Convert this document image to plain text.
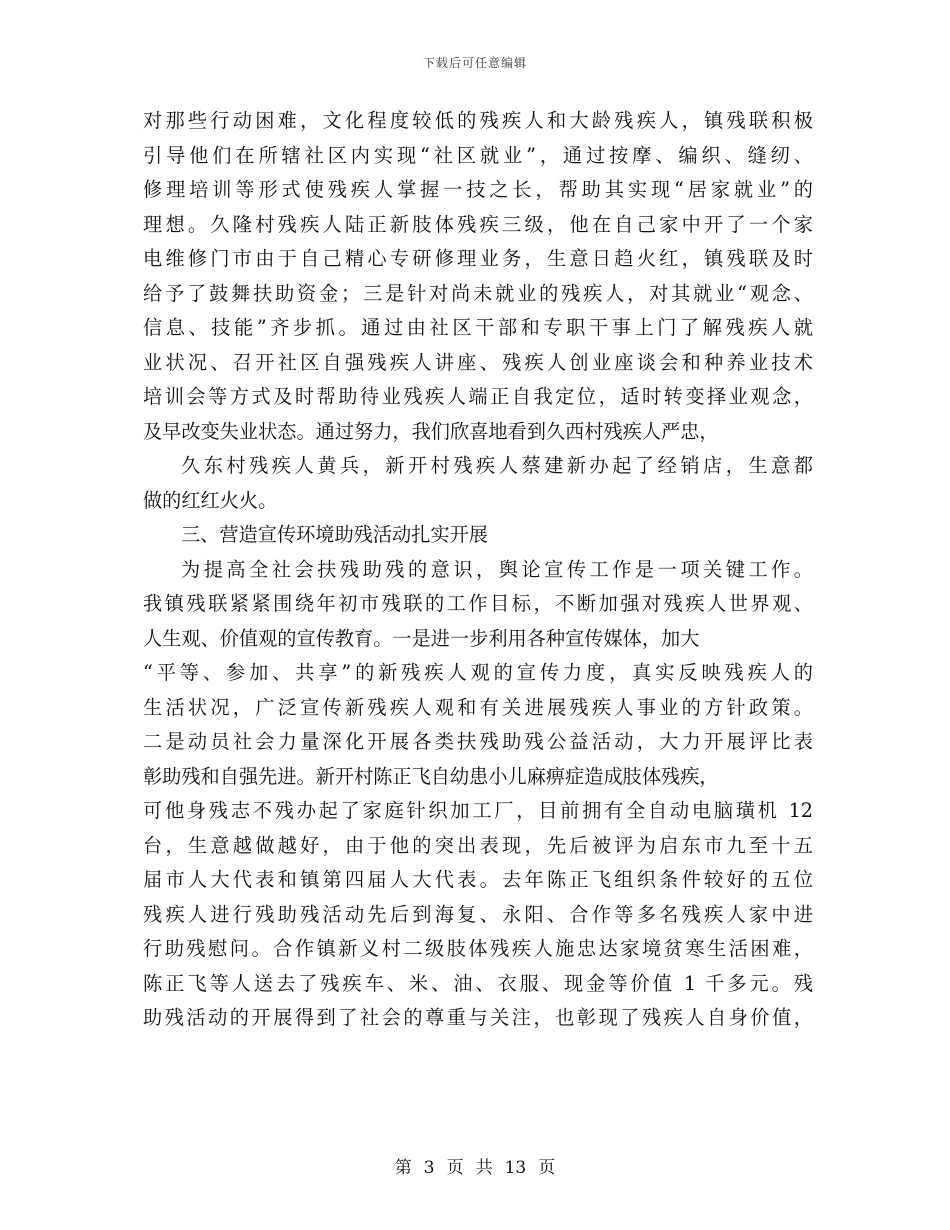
下载后可任意编辑
对那些行动困难，文化程度较低的残疾人和大龄残疾人，镇残联积极
引导他们在所辖社区内实现“社区就业”，通过按摩、编织、缝纫、
修理培训等形式使残疾人掌握一技之长，帮助其实现“居家就业”的
理想。久隆村残疾人陆正新肢体残疾三级，他在自己家中开了一个家
电维修门市由于自己精心专研修理业务，生意日趋火红，镇残联及时
给予了鼓舞扶助资金；三是针对尚未就业的残疾人，对其就业“观念、
信息、技能”齐步抓。通过由社区干部和专职干事上门了解残疾人就
业状况、召开社区自强残疾人讲座、残疾人创业座谈会和种养业技术
培训会等方式及时帮助待业残疾人端正自我定位，适时转变择业观念，
及早改变失业状态。通过努力，我们欣喜地看到久西村残疾人严忠，
久东村残疾人黄兵，新开村残疾人蔡建新办起了经销店，生意都
做的红红火火。
三、营造宣传环境助残活动扎实开展
为提高全社会扶残助残的意识，舆论宣传工作是一项关键工作。
我镇残联紧紧围绕年初市残联的工作目标，不断加强对残疾人世界观、
人生观、价值观的宣传教育。一是进一步利用各种宣传媒体，加大
“平等、参加、共享”的新残疾人观的宣传力度，真实反映残疾人的
生活状况，广泛宣传新残疾人观和有关进展残疾人事业的方针政策。
二是动员社会力量深化开展各类扶残助残公益活动，大力开展评比表
彰助残和自强先进。新开村陈正飞自幼患小儿麻痹症造成肢体残疾，
可他身残志不残办起了家庭针织加工厂，目前拥有全自动电脑璜机 12
台，生意越做越好，由于他的突出表现，先后被评为启东市九至十五
届市人大代表和镇第四届人大代表。去年陈正飞组织条件较好的五位
残疾人进行残助残活动先后到海复、永阳、合作等多名残疾人家中进
行助残慰问。合作镇新义村二级肢体残疾人施忠达家境贫寒生活困难，
陈正飞等人送去了残疾车、米、油、衣服、现金等价值 1 千多元。残
助残活动的开展得到了社会的尊重与关注，也彰现了残疾人自身价值，
第 3 页 共 13 页
